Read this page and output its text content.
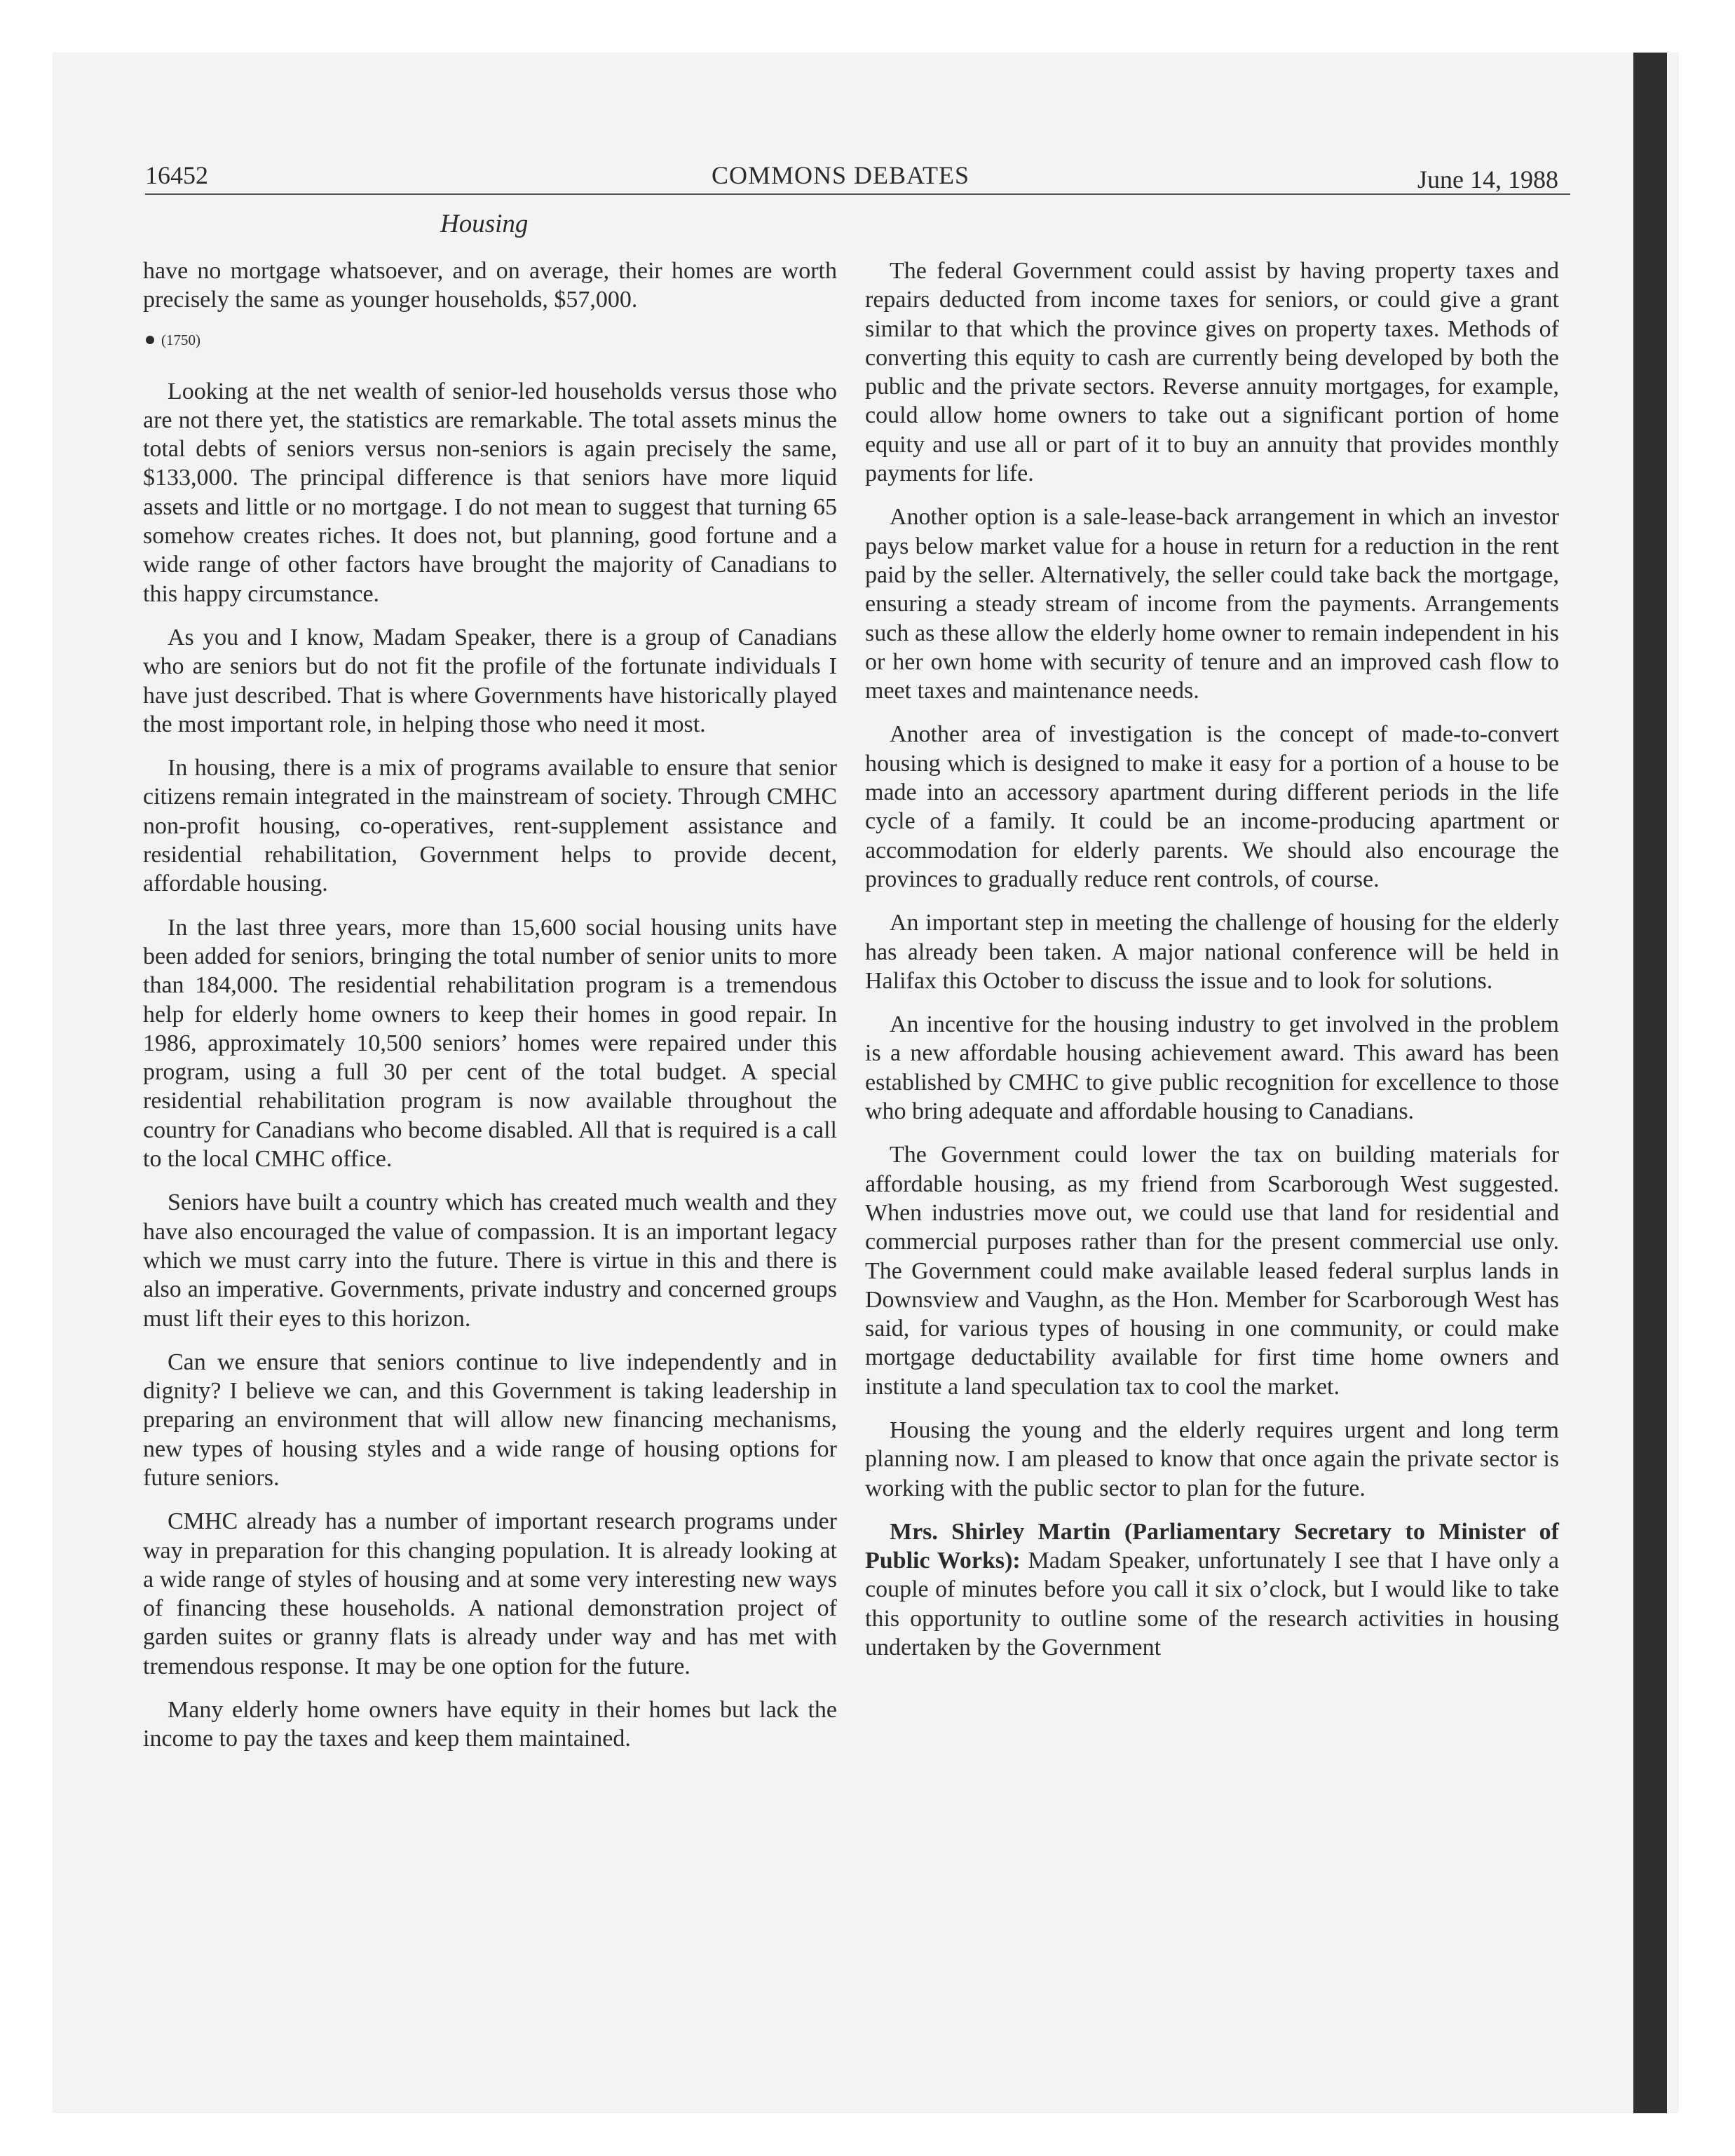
16452	COMMONS DEBATES	June 14, 1988
Housing

have no mortgage whatsoever, and on average, their homes are worth precisely the same as younger households, $57,000.

(1750)

Looking at the net wealth of senior-led households versus those who are not there yet, the statistics are remarkable. The total assets minus the total debts of seniors versus non-seniors is again precisely the same, $133,000. The principal difference is that seniors have more liquid assets and little or no mortgage. I do not mean to suggest that turning 65 somehow creates riches. It does not, but planning, good fortune and a wide range of other factors have brought the majority of Canadians to this happy circumstance.

As you and I know, Madam Speaker, there is a group of Canadians who are seniors but do not fit the profile of the fortunate individuals I have just described. That is where Governments have historically played the most important role, in helping those who need it most.

In housing, there is a mix of programs available to ensure that senior citizens remain integrated in the mainstream of society. Through CMHC non-profit housing, co-operatives, rent-supplement assistance and residential rehabilitation, Government helps to provide decent, affordable housing.

In the last three years, more than 15,600 social housing units have been added for seniors, bringing the total number of senior units to more than 184,000. The residential rehabilitation program is a tremendous help for elderly home owners to keep their homes in good repair. In 1986, approximately 10,500 seniors’ homes were repaired under this program, using a full 30 per cent of the total budget. A special residential rehabilitation program is now available throughout the country for Canadians who become disabled. All that is required is a call to the local CMHC office.

Seniors have built a country which has created much wealth and they have also encouraged the value of compassion. It is an important legacy which we must carry into the future. There is virtue in this and there is also an imperative. Governments, private industry and concerned groups must lift their eyes to this horizon.

Can we ensure that seniors continue to live independently and in dignity? I believe we can, and this Government is taking leadership in preparing an environment that will allow new financing mechanisms, new types of housing styles and a wide range of housing options for future seniors.

CMHC already has a number of important research programs under way in preparation for this changing population. It is already looking at a wide range of styles of housing and at some very interesting new ways of financing these households. A national demonstration project of garden suites or granny flats is already under way and has met with tremendous response. It may be one option for the future.

Many elderly home owners have equity in their homes but lack the income to pay the taxes and keep them maintained.

The federal Government could assist by having property taxes and repairs deducted from income taxes for seniors, or could give a grant similar to that which the province gives on property taxes. Methods of converting this equity to cash are currently being developed by both the public and the private sectors. Reverse annuity mortgages, for example, could allow home owners to take out a significant portion of home equity and use all or part of it to buy an annuity that provides monthly payments for life.

Another option is a sale-lease-back arrangement in which an investor pays below market value for a house in return for a reduction in the rent paid by the seller. Alternatively, the seller could take back the mortgage, ensuring a steady stream of income from the payments. Arrangements such as these allow the elderly home owner to remain independent in his or her own home with security of tenure and an improved cash flow to meet taxes and maintenance needs.

Another area of investigation is the concept of made-to-convert housing which is designed to make it easy for a portion of a house to be made into an accessory apartment during different periods in the life cycle of a family. It could be an income-producing apartment or accommodation for elderly parents. We should also encourage the provinces to gradually reduce rent controls, of course.

An important step in meeting the challenge of housing for the elderly has already been taken. A major national conference will be held in Halifax this October to discuss the issue and to look for solutions.

An incentive for the housing industry to get involved in the problem is a new affordable housing achievement award. This award has been established by CMHC to give public recognition for excellence to those who bring adequate and affordable housing to Canadians.

The Government could lower the tax on building materials for affordable housing, as my friend from Scarborough West suggested. When industries move out, we could use that land for residential and commercial purposes rather than for the present commercial use only. The Government could make available leased federal surplus lands in Downsview and Vaughn, as the Hon. Member for Scarborough West has said, for various types of housing in one community, or could make mortgage deductability available for first time home owners and institute a land speculation tax to cool the market.

Housing the young and the elderly requires urgent and long term planning now. I am pleased to know that once again the private sector is working with the public sector to plan for the future.

Mrs. Shirley Martin (Parliamentary Secretary to Minister of Public Works): Madam Speaker, unfortunately I see that I have only a couple of minutes before you call it six o’clock, but I would like to take this opportunity to outline some of the research activities in housing undertaken by the Government
